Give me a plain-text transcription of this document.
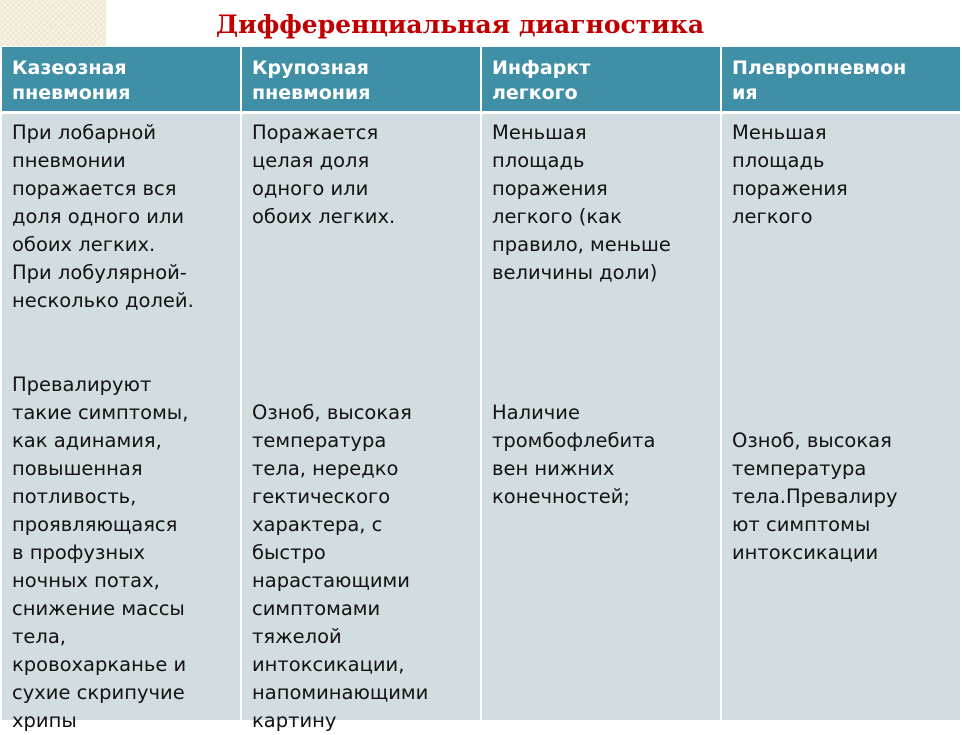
Дифференциальная диагностика
Казеозная
пневмония
Крупозная
пневмония
Инфаркт
легкого
Плевропневмон
ия
При лобарной
пневмонии
поражается вся
доля одного или
обоих легких.
При лобулярной-
несколько долей.
Превалируют
такие симптомы,
как адинамия,
повышенная
потливость,
проявляющаяся
в профузных
ночных потах,
снижение массы
тела,
кровохарканье и
сухие скрипучие
хрипы
Поражается
целая доля
одного или
обоих легких.
Озноб, высокая
температура
тела, нередко
гектического
характера, с
быстро
нарастающими
симптомами
тяжелой
интоксикации,
напоминающими
картину
Меньшая
площадь
поражения
легкого (как
правило, меньше
величины доли)
Наличие
тромбофлебита
вен нижних
конечностей;
Меньшая
площадь
поражения
легкого
Озноб, высокая
температура
тела.Превалиру
ют симптомы
интоксикации
